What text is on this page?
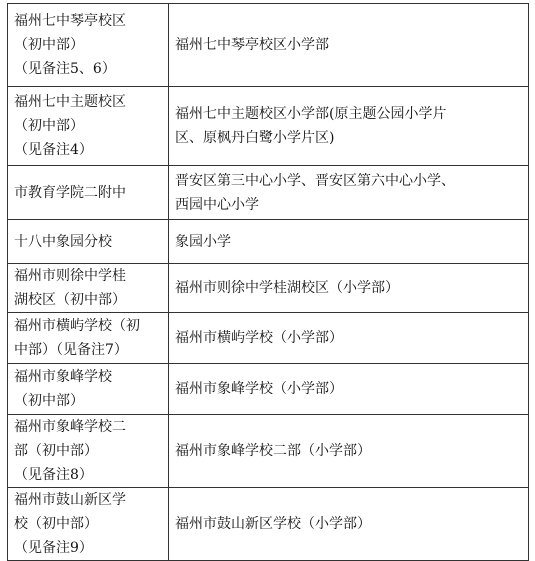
福州七中琴亭校区
（初中部）
（见备注5、6）	福州七中琴亭校区小学部

福州七中主题校区
（初中部）
（见备注4）	福州七中主题校区小学部(原主题公园小学片
区、原枫丹白鹭小学片区)

市教育学院二附中	晋安区第三中心小学、晋安区第六中心小学、
西园中心小学

十八中象园分校	象园小学

福州市则徐中学桂
湖校区（初中部）	福州市则徐中学桂湖校区（小学部）

福州市横屿学校（初
中部）（见备注7）	福州市横屿学校（小学部）

福州市象峰学校
（初中部）	福州市象峰学校（小学部）

福州市象峰学校二
部（初中部）
（见备注8）	福州市象峰学校二部（小学部）

福州市鼓山新区学
校（初中部）
（见备注9）	福州市鼓山新区学校（小学部）
